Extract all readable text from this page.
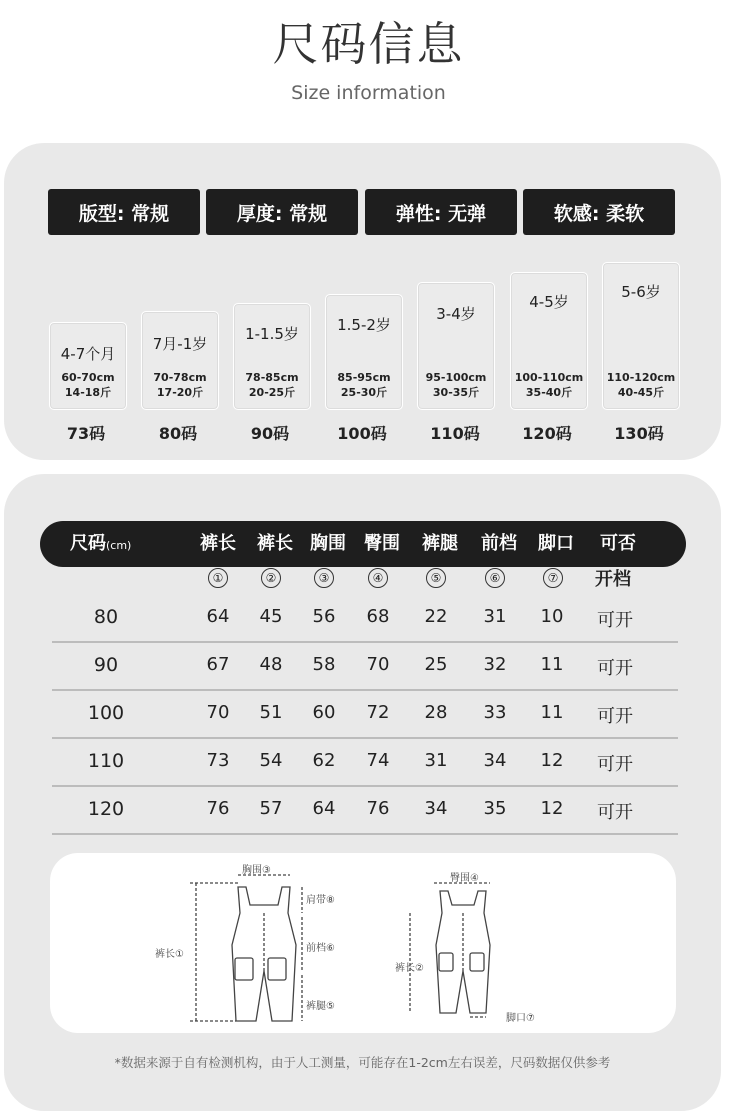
尺码信息
Size information
版型: 常规	厚度: 常规	弹性: 无弹	软感: 柔软
4-7个月
60-70cm
14-18斤
7月-1岁
70-78cm
17-20斤
1-1.5岁
78-85cm
20-25斤
1.5-2岁
85-95cm
25-30斤
3-4岁
95-100cm
30-35斤
4-5岁
100-110cm
35-40斤
5-6岁
110-120cm
40-45斤
73码	80码	90码	100码	110码	120码	130码
尺码(cm)	裤长	裤长 胸围	臀围	裤腿	前档	脚口	可否
①	②	③	④	⑤	⑥	⑦ 开档
80	64	45	56	68	22	31	10	可开
90	67	48	58	70	25	32	11	可开
100	70	51	60	72	28	33	11	可开
110	73	54	62	74	31	34	12	可开
120	76	57	64	76	34	35	12	可开
胸围③
肩带⑧
前档⑥
裤长①
裤腿⑤
臀围④
裤长②
脚口⑦
*数据来源于自有检测机构，由于人工测量，可能存在1-2cm左右误差，尺码数据仅供参考
